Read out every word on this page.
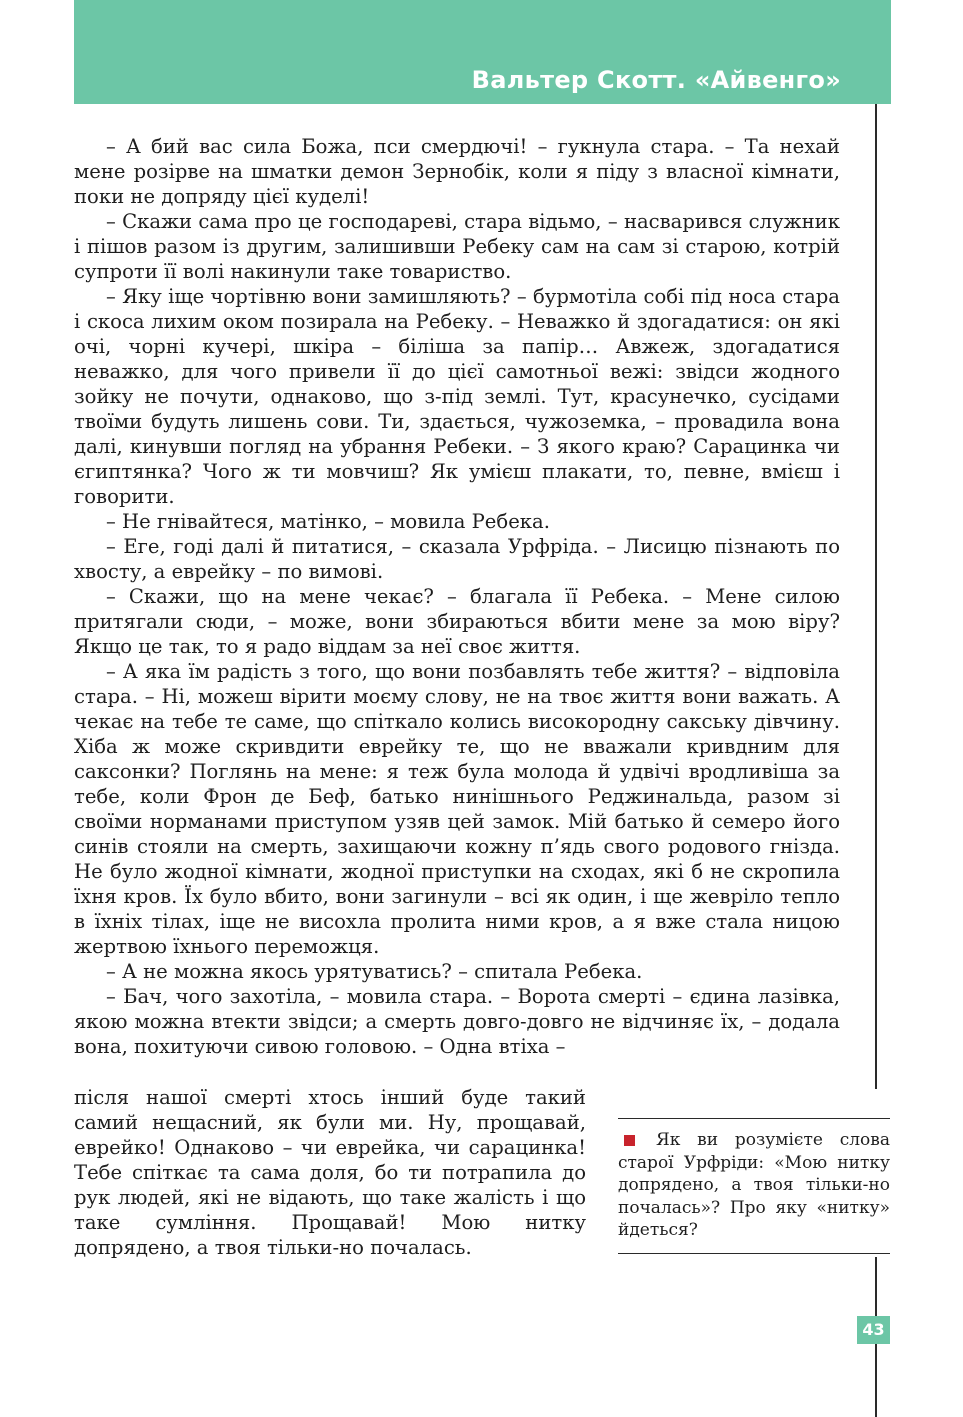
Вальтер Скотт. «Айвенго»

– А бий вас сила Божа, пси смердючі! – гукнула стара. – Та нехай мене розірве на шматки демон Зернобік, коли я піду з власної кімнати, поки не допряду цієї куделі!

– Скажи сама про це господареві, стара відьмо, – насварився служник і пішов разом із другим, залишивши Ребеку сам на сам зі старою, котрій супроти її волі накинули таке товариство.

– Яку іще чортівню вони замишляють? – бурмотіла собі під носа стара і скоса лихим оком позирала на Ребеку. – Неважко й здогадатися: он які очі, чорні кучері, шкіра – біліша за папір… Авжеж, здогадатися неважко, для чого привели її до цієї самотньої вежі: звідси жодного зойку не почути, однаково, що з-під землі. Тут, красунечко, сусідами твоїми будуть лишень сови. Ти, здається, чужоземка, – провадила вона далі, кинувши погляд на убрання Ребеки. – З якого краю? Сарацинка чи єгиптянка? Чого ж ти мовчиш? Як умієш плакати, то, певне, вмієш і говорити.

– Не гнівайтеся, матінко, – мовила Ребека.

– Еге, годі далі й питатися, – сказала Урфріда. – Лисицю пізнають по хвосту, а еврейку – по вимові.

– Скажи, що на мене чекає? – благала її Ребека. – Мене силою притягали сюди, – може, вони збираються вбити мене за мою віру? Якщо це так, то я радо віддам за неї своє життя.

– А яка їм радість з того, що вони позбавлять тебе життя? – відповіла стара. – Ні, можеш вірити моєму слову, не на твоє життя вони важать. А чекає на тебе те саме, що спіткало колись високородну сакську дівчину. Хіба ж може скривдити еврейку те, що не вважали кривдним для саксонки? Поглянь на мене: я теж була молода й удвічі вродливіша за тебе, коли Фрон де Беф, батько нинішнього Реджинальда, разом зі своїми норманами приступом узяв цей замок. Мій батько й семеро його синів стояли на смерть, захищаючи кожну п’ядь свого родового гнізда. Не було жодної кімнати, жодної приступки на сходах, які б не скропила їхня кров. Їх було вбито, вони загинули – всі як один, і ще жевріло тепло в їхніх тілах, іще не висохла пролита ними кров, а я вже стала ницою жертвою їхнього переможця.

– А не можна якось урятуватись? – спитала Ребека.

– Бач, чого захотіла, – мовила стара. – Ворота смерті – єдина лазівка, якою можна втекти звідси; а смерть довго-довго не відчиняє їх, – додала вона, похитуючи сивою головою. – Одна втіха –

після нашої смерті хтось інший буде такий самий нещасний, як були ми. Ну, прощавай, еврейко! Однаково – чи еврейка, чи сарацинка! Тебе спіткає та сама доля, бо ти потрапила до рук людей, які не відають, що таке жалість і що таке сумління. Прощавай! Мою нитку допрядено, а твоя тільки-но почалась.

Як ви розумієте слова старої Урфріди: «Мою нитку допрядено, а твоя тільки-но почалась»? Про яку «нитку» йдеться?

43
